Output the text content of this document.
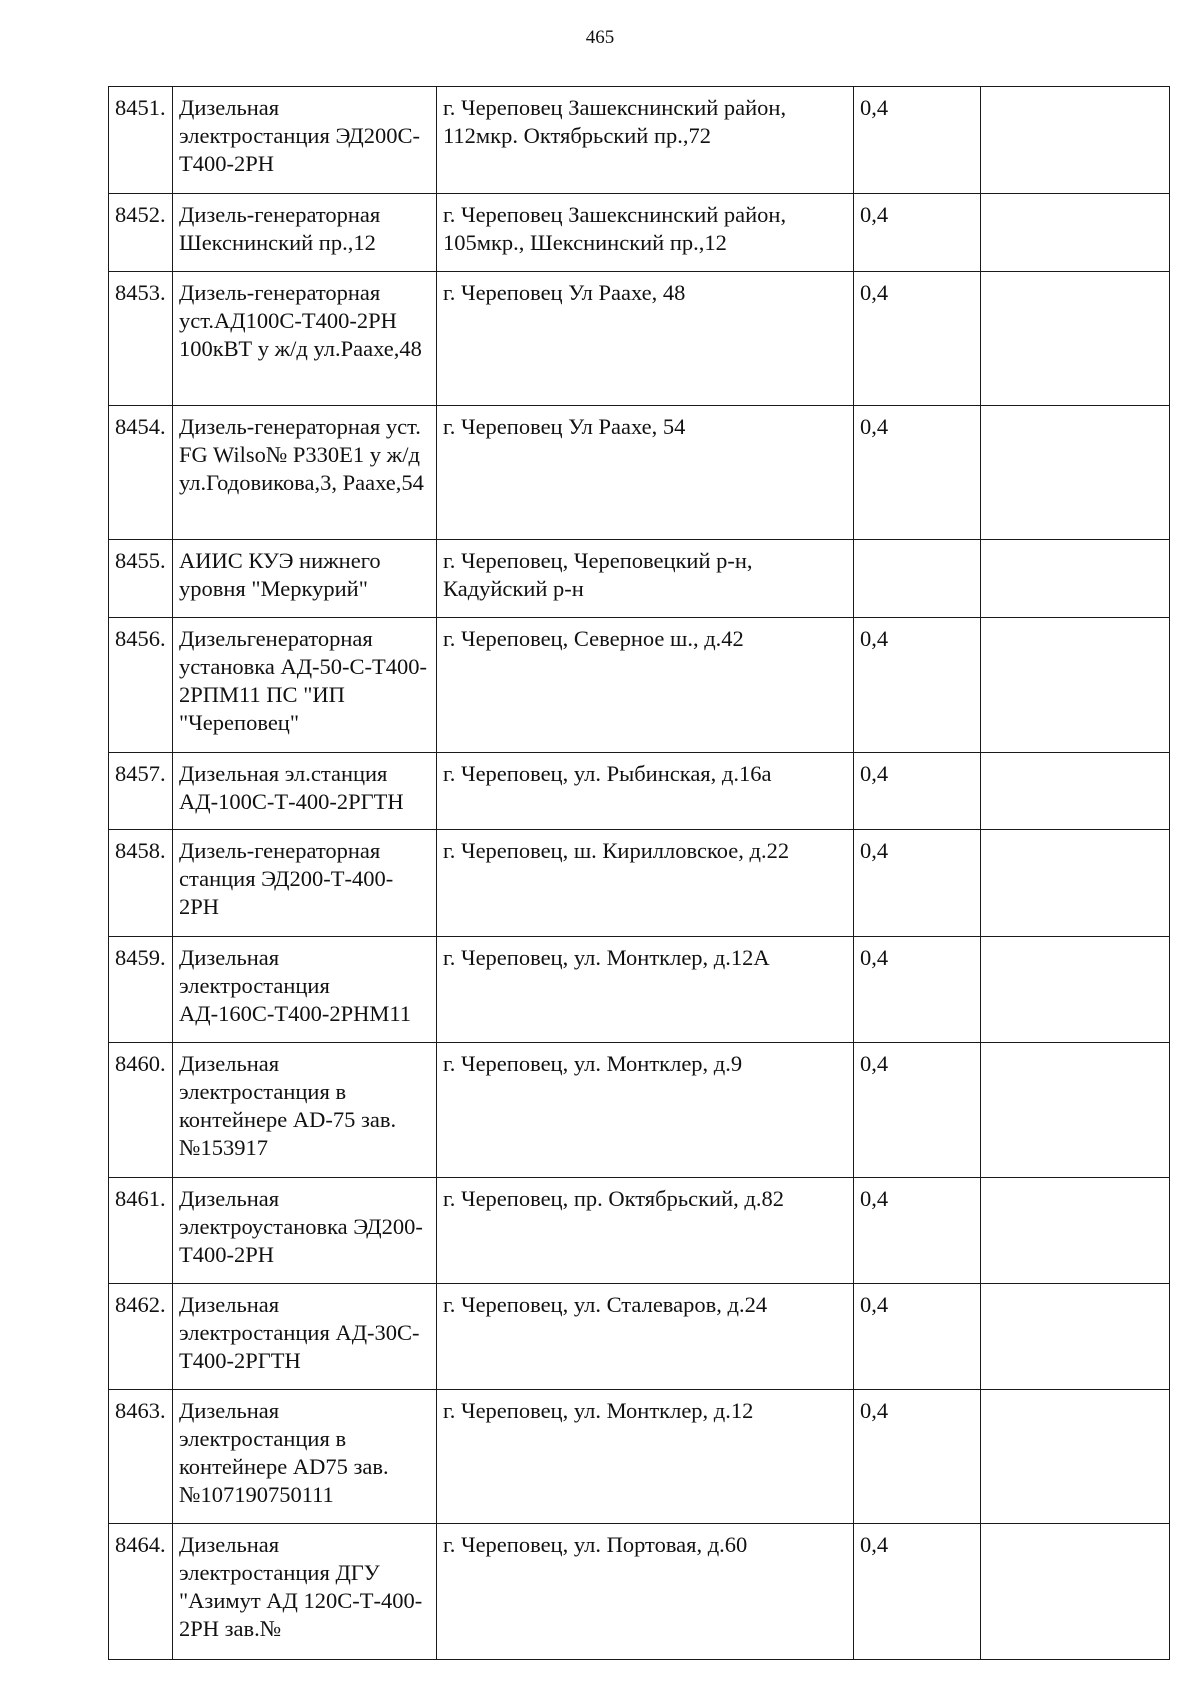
465
8451.	Дизельная электростанция ЭД200С-Т400-2РН	г. Череповец Зашекснинский район, 112мкр. Октябрьский пр.,72	0,4	
8452.	Дизель-генераторная Шекснинский пр.,12	г. Череповец Зашекснинский район, 105мкр., Шекснинский пр.,12	0,4	
8453.	Дизель-генераторная уст.АД100С-Т400-2РН 100кВТ у ж/д ул.Раахе,48	г. Череповец Ул Раахе, 48	0,4	
8454.	Дизель-генераторная уст. FG Wilso№ P330E1 у ж/д ул.Годовикова,3, Раахе,54	г. Череповец Ул Раахе, 54	0,4	
8455.	АИИС КУЭ нижнего уровня "Меркурий"	г. Череповец, Череповецкий р-н, Кадуйский р-н		
8456.	Дизельгенераторная установка АД-50-С-Т400-2РПМ11 ПС "ИП "Череповец"	г. Череповец, Северное ш., д.42	0,4	
8457.	Дизельная эл.станция АД-100С-Т-400-2РГТН	г. Череповец, ул. Рыбинская, д.16а	0,4	
8458.	Дизель-генераторная станция ЭД200-Т-400-2РН	г. Череповец, ш. Кирилловское, д.22	0,4	
8459.	Дизельная электростанция АД-160С-Т400-2РНМ11	г. Череповец, ул. Монтклер, д.12А	0,4	
8460.	Дизельная электростанция в контейнере AD-75 зав.№153917	г. Череповец, ул. Монтклер, д.9	0,4	
8461.	Дизельная электроустановка ЭД200-Т400-2РН	г. Череповец, пр. Октябрьский, д.82	0,4	
8462.	Дизельная электростанция АД-30С-Т400-2РГТН	г. Череповец, ул. Сталеваров, д.24	0,4	
8463.	Дизельная электростанция в контейнере AD75 зав.№107190750111	г. Череповец, ул. Монтклер, д.12	0,4	
8464.	Дизельная электростанция ДГУ "Азимут АД 120С-Т-400-2РН зав.№	г. Череповец, ул. Портовая, д.60	0,4	
